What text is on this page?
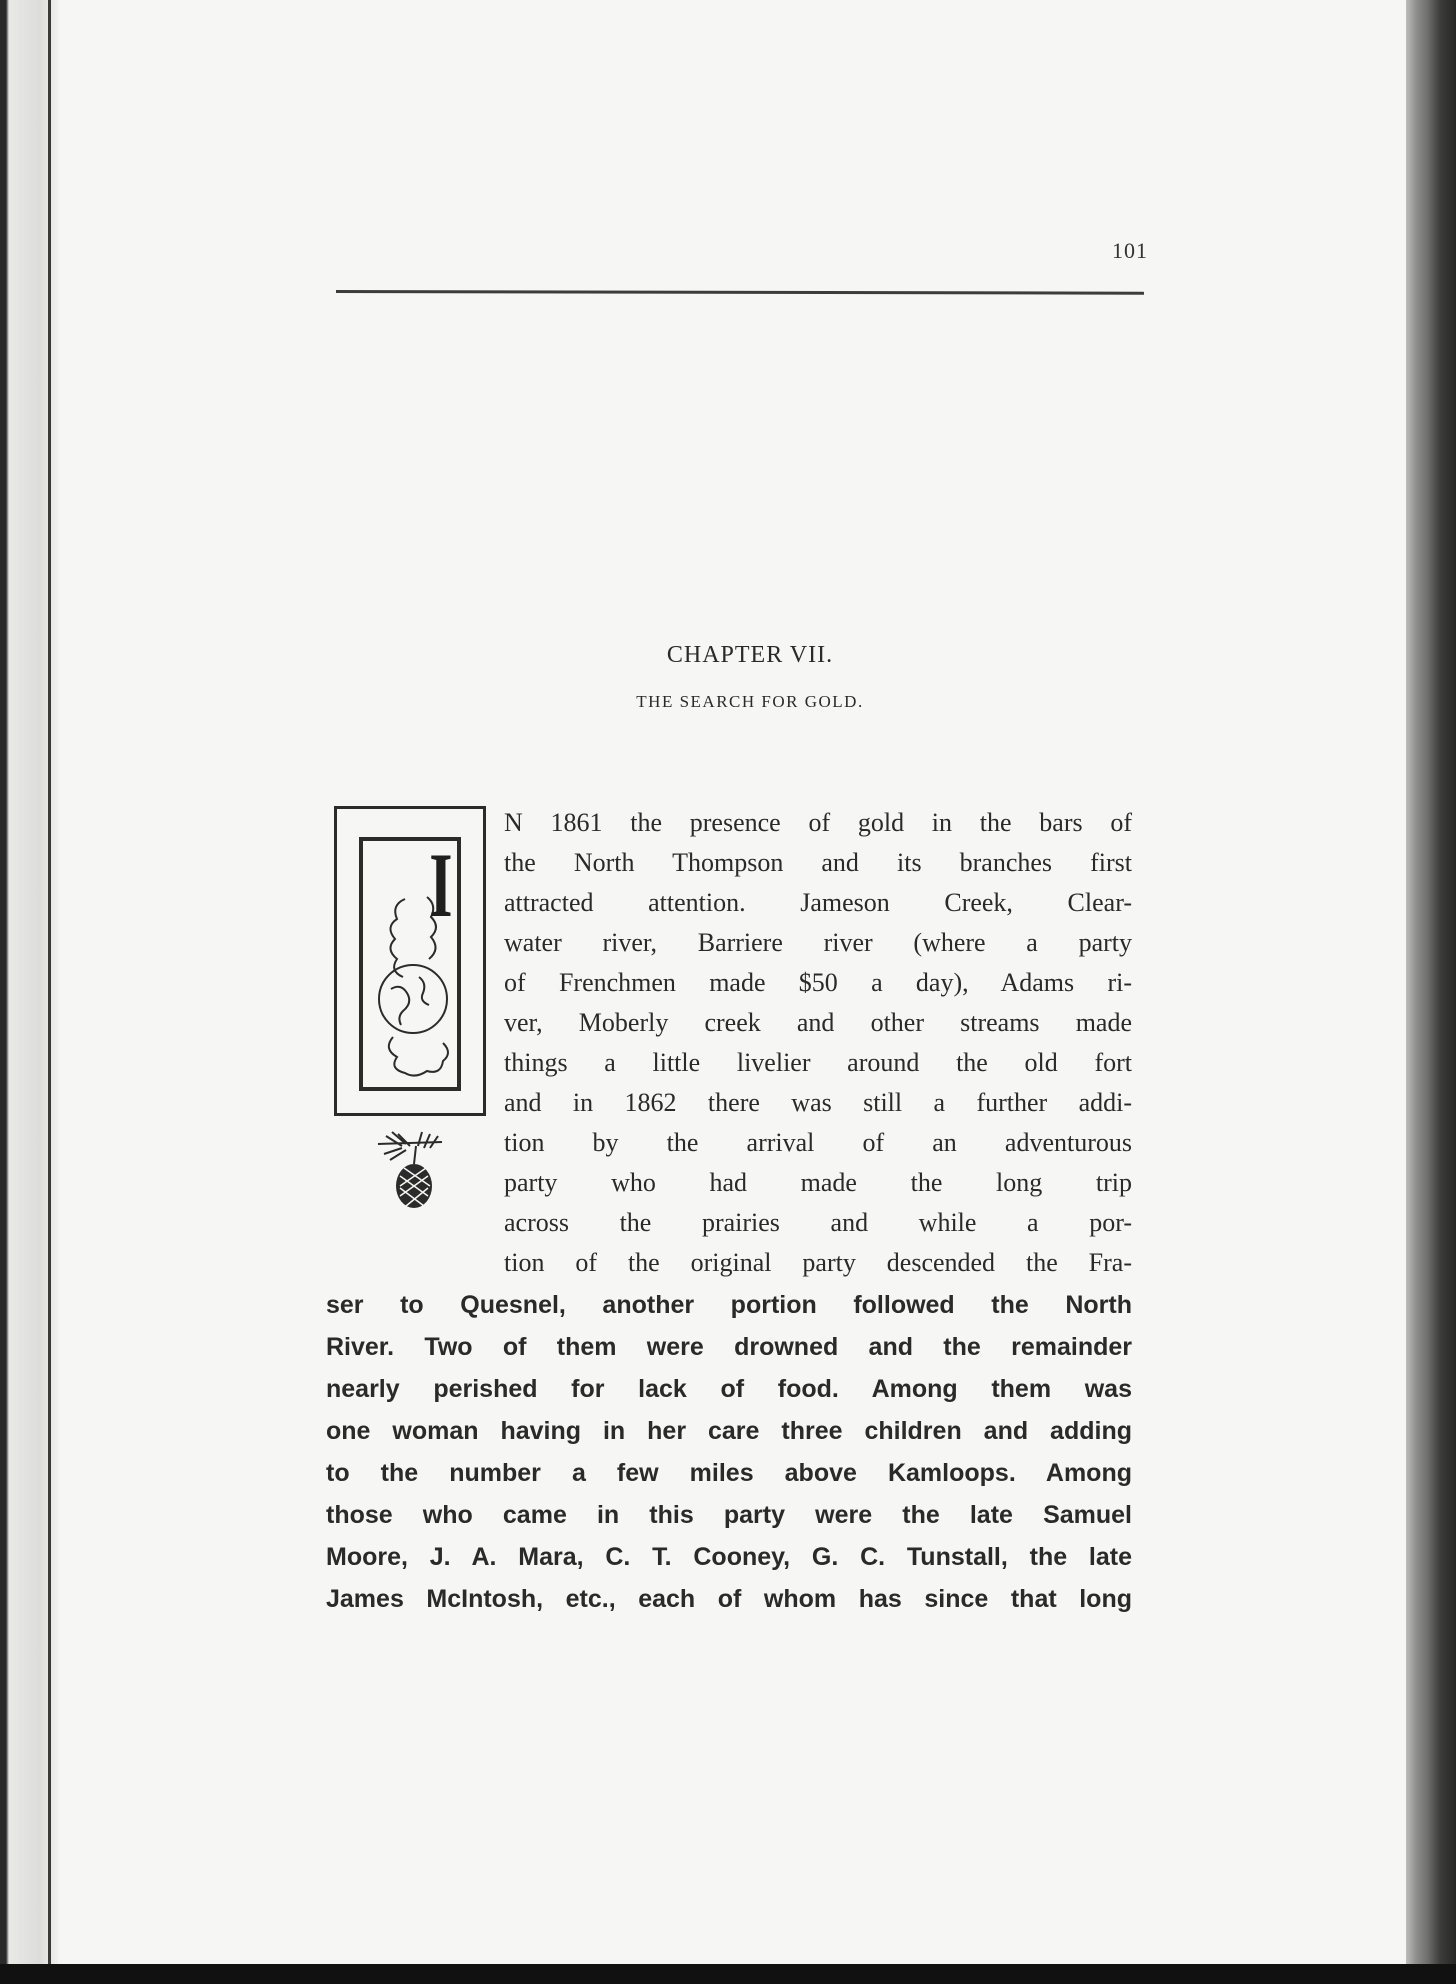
101
CHAPTER VII.
THE SEARCH FOR GOLD.
I
N 1861 the presence of gold in the bars of
the North Thompson and its branches first
attracted attention. Jameson Creek, Clear-
water river, Barriere river (where a party
of Frenchmen made $50 a day), Adams ri-
ver, Moberly creek and other streams made
things a little livelier around the old fort
and in 1862 there was still a further addi-
tion by the arrival of an adventurous
party who had made the long trip
across the prairies and while a por-
tion of the original party descended the Fra-
ser to Quesnel, another portion followed the North
River. Two of them were drowned and the remainder
nearly perished for lack of food. Among them was
one woman having in her care three children and adding
to the number a few miles above Kamloops. Among
those who came in this party were the late Samuel
Moore, J. A. Mara, C. T. Cooney, G. C. Tunstall, the late
James McIntosh, etc., each of whom has since that long
